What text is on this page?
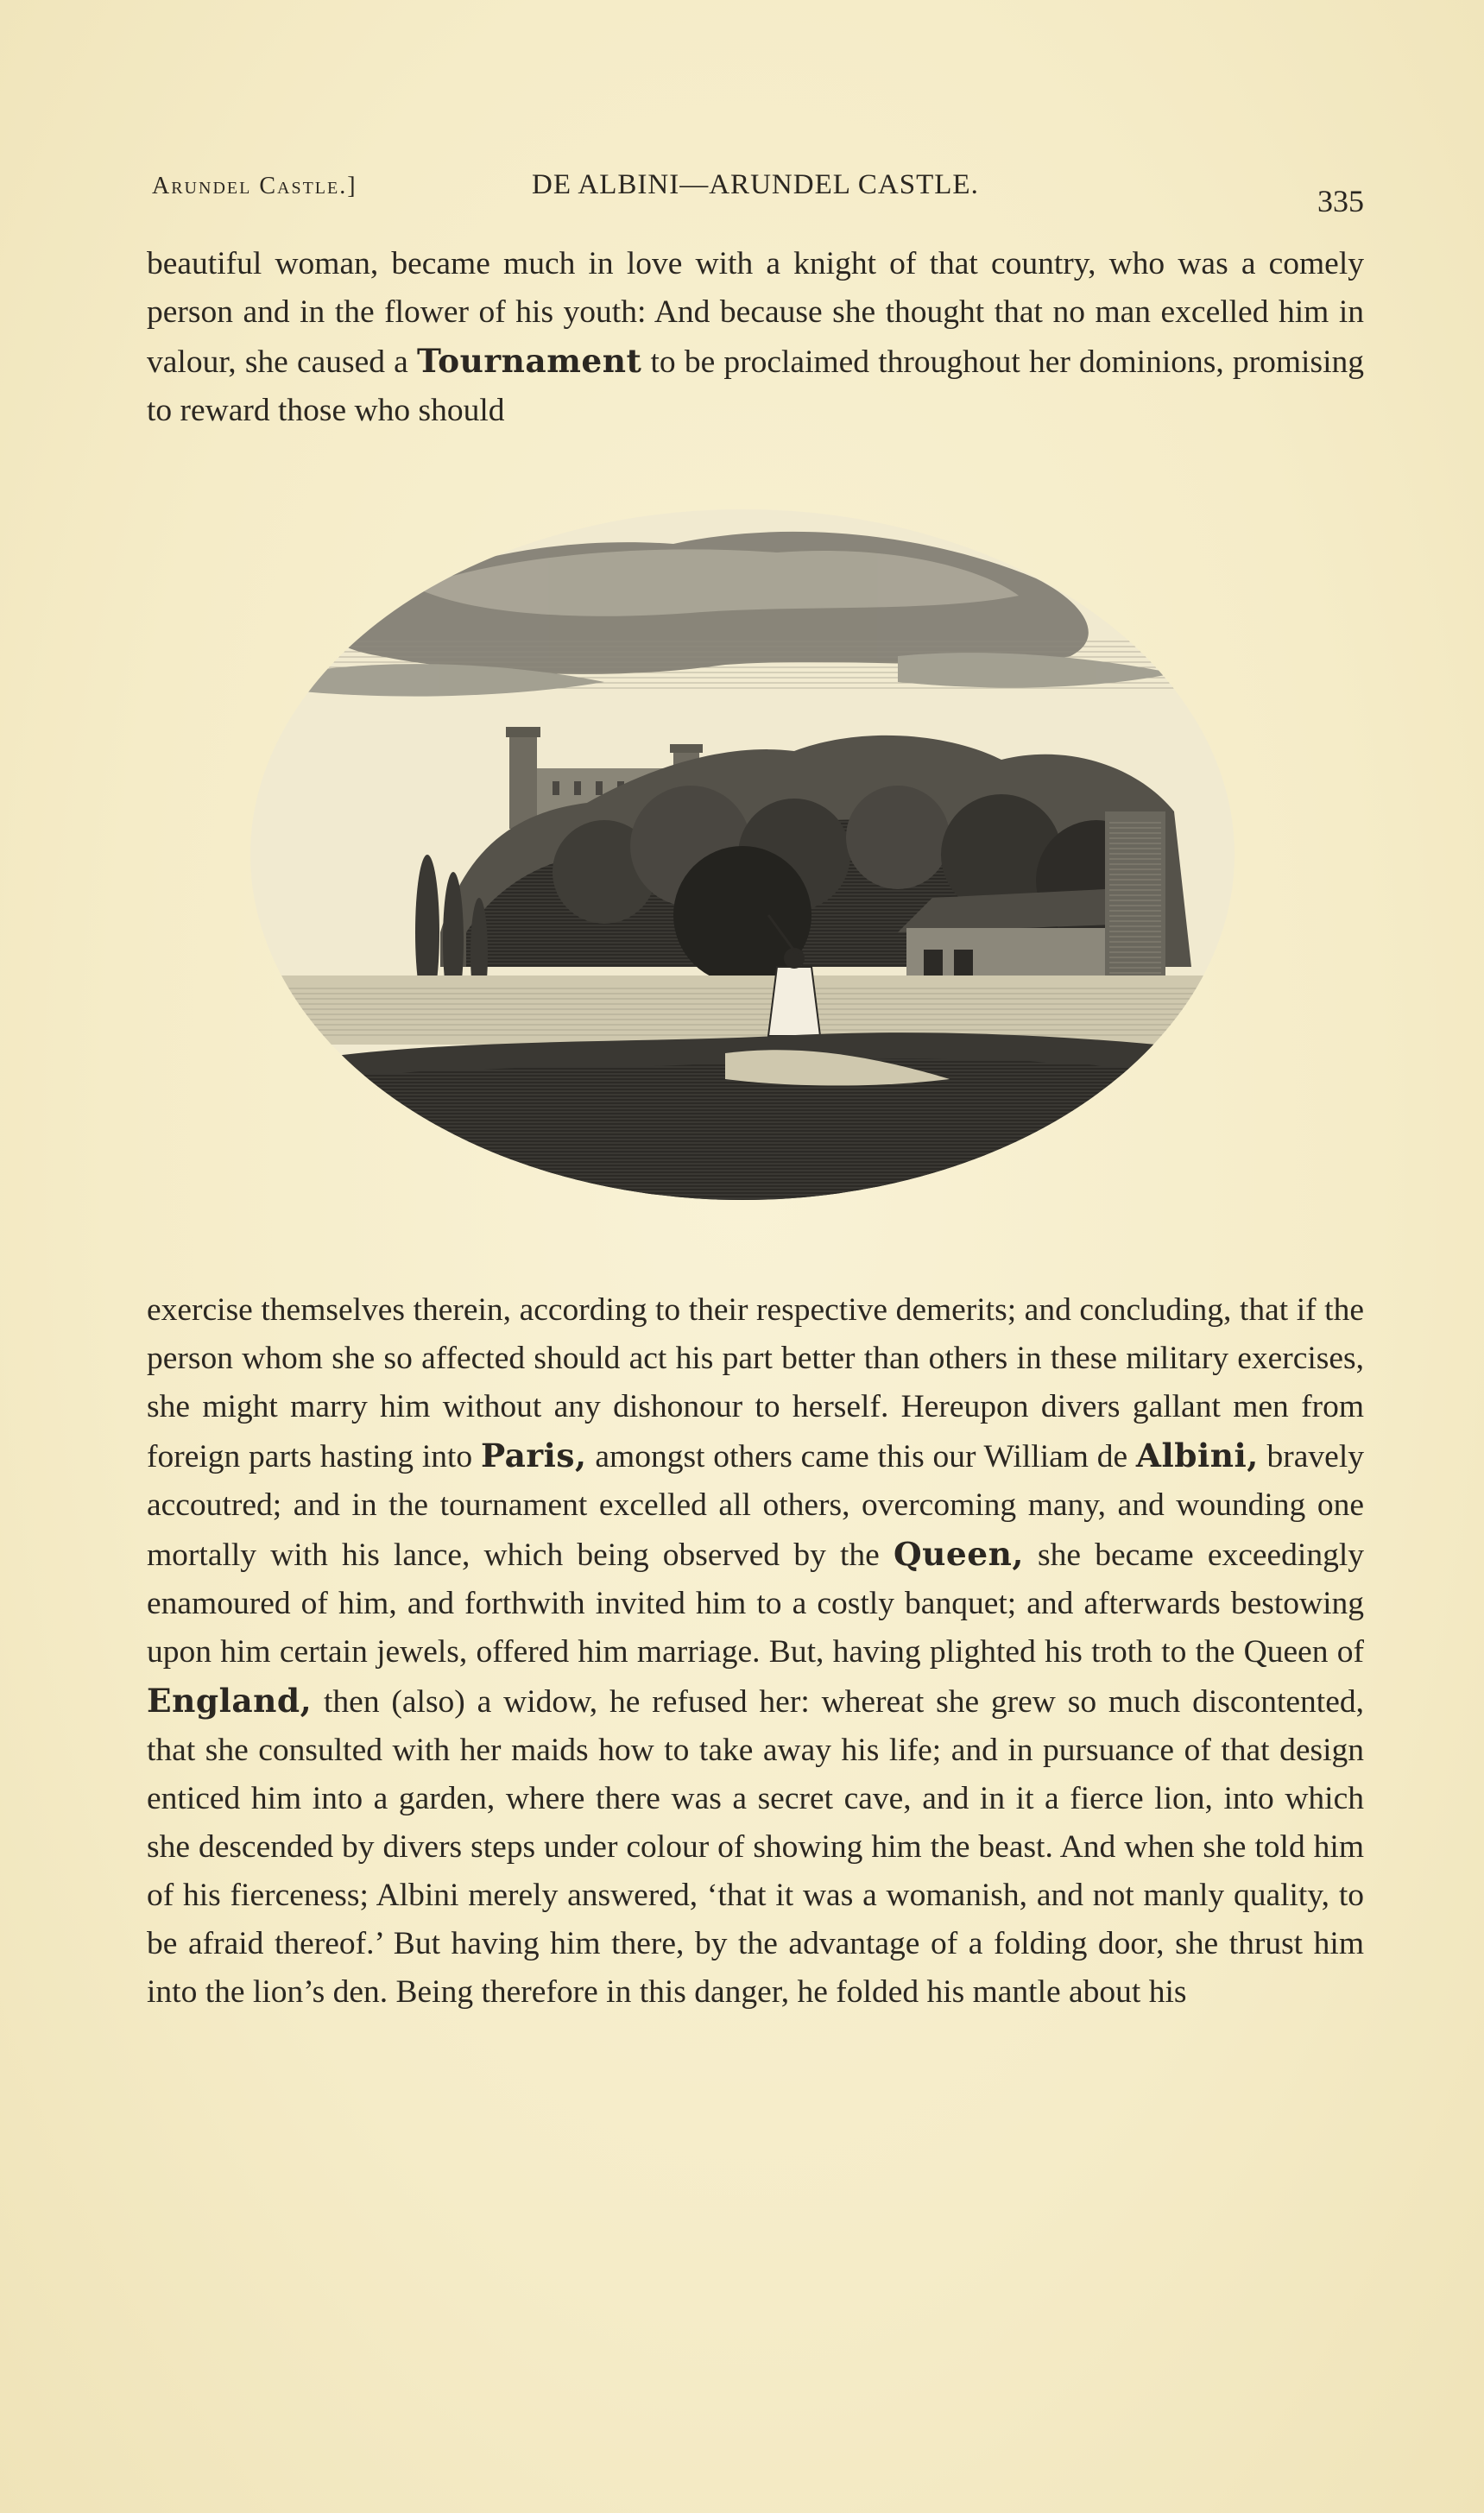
Arundel Castle.]	DE ALBINI—ARUNDEL CASTLE.	335

beautiful woman, became much in love with a knight of that country, who was a comely person and in the flower of his youth: And because she thought that no man excelled him in valour, she caused a Tournament to be proclaimed throughout her dominions, promising to reward those who should

exercise themselves therein, according to their respective demerits; and concluding, that if the person whom she so affected should act his part better than others in these military exercises, she might marry him without any dishonour to herself. Hereupon divers gallant men from foreign parts hasting into Paris, amongst others came this our William de Albini, bravely accoutred; and in the tournament excelled all others, overcoming many, and wounding one mortally with his lance, which being observed by the Queen, she became exceedingly enamoured of him, and forthwith invited him to a costly banquet; and afterwards bestowing upon him certain jewels, offered him marriage. But, having plighted his troth to the Queen of England, then (also) a widow, he refused her: whereat she grew so much discontented, that she consulted with her maids how to take away his life; and in pursuance of that design enticed him into a garden, where there was a secret cave, and in it a fierce lion, into which she descended by divers steps under colour of showing him the beast. And when she told him of his fierceness; Albini merely answered, ‘that it was a womanish, and not manly quality, to be afraid thereof.’ But having him there, by the advantage of a folding door, she thrust him into the lion’s den. Being therefore in this danger, he folded his mantle about his
